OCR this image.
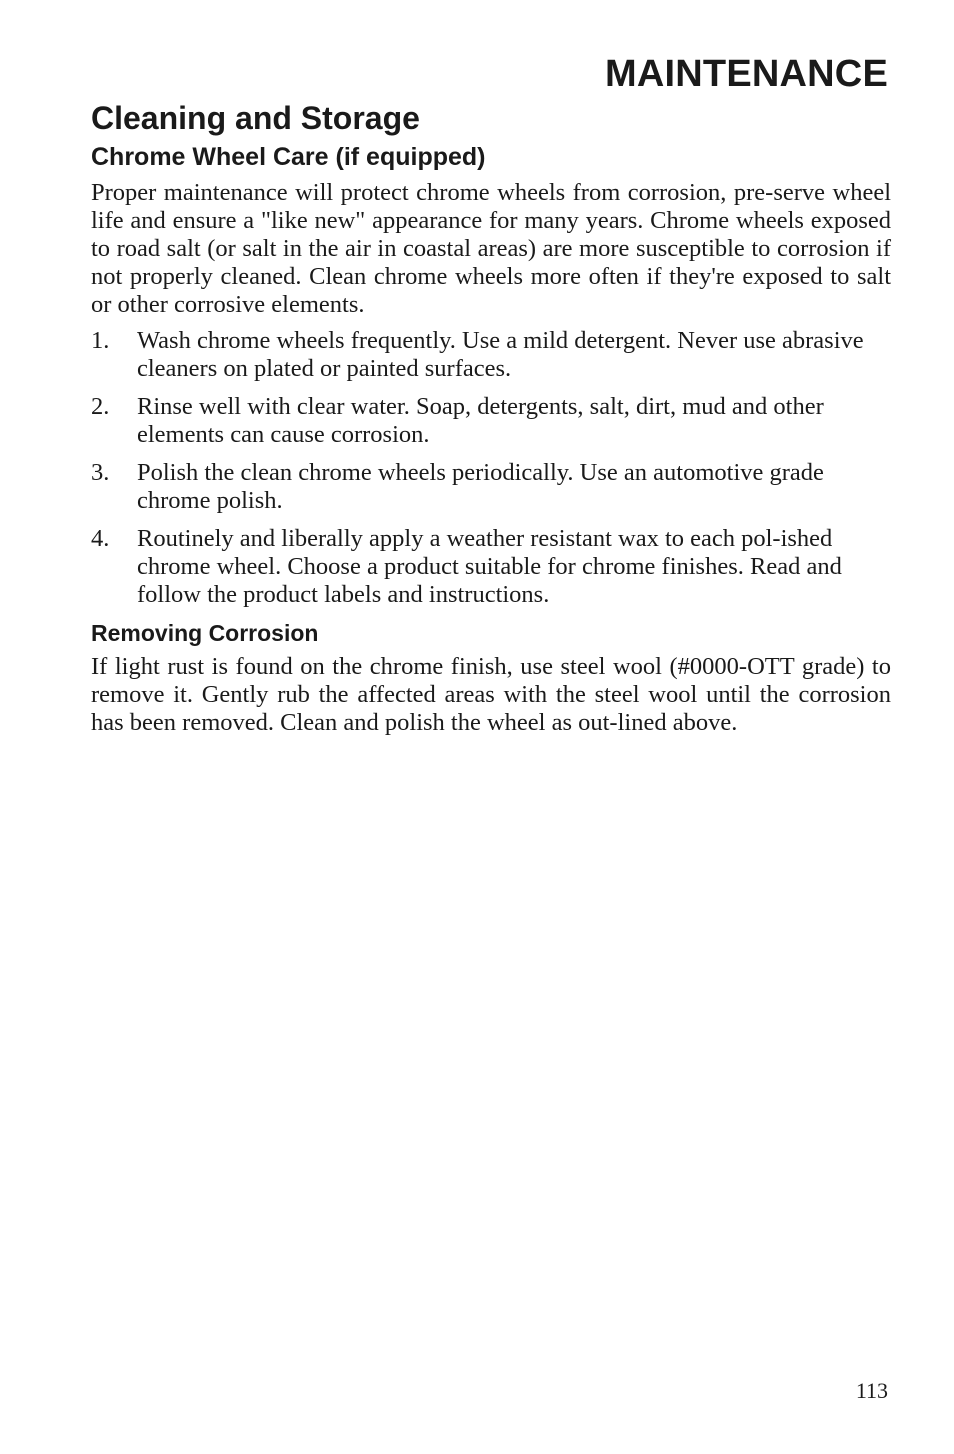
MAINTENANCE
Cleaning and Storage
Chrome Wheel Care (if equipped)

Proper maintenance will protect chrome wheels from corrosion, pre-serve wheel life and ensure a "like new" appearance for many years. Chrome wheels exposed to road salt (or salt in the air in coastal areas) are more susceptible to corrosion if not properly cleaned. Clean chrome wheels more often if they're exposed to salt or other corrosive elements.

1. Wash chrome wheels frequently. Use a mild detergent. Never use abrasive cleaners on plated or painted surfaces.
2. Rinse well with clear water. Soap, detergents, salt, dirt, mud and other elements can cause corrosion.
3. Polish the clean chrome wheels periodically. Use an automotive grade chrome polish.
4. Routinely and liberally apply a weather resistant wax to each pol-ished chrome wheel. Choose a product suitable for chrome finishes. Read and follow the product labels and instructions.
Removing Corrosion

If light rust is found on the chrome finish, use steel wool (#0000-OTT grade) to remove it. Gently rub the affected areas with the steel wool until the corrosion has been removed. Clean and polish the wheel as out-lined above.

113
